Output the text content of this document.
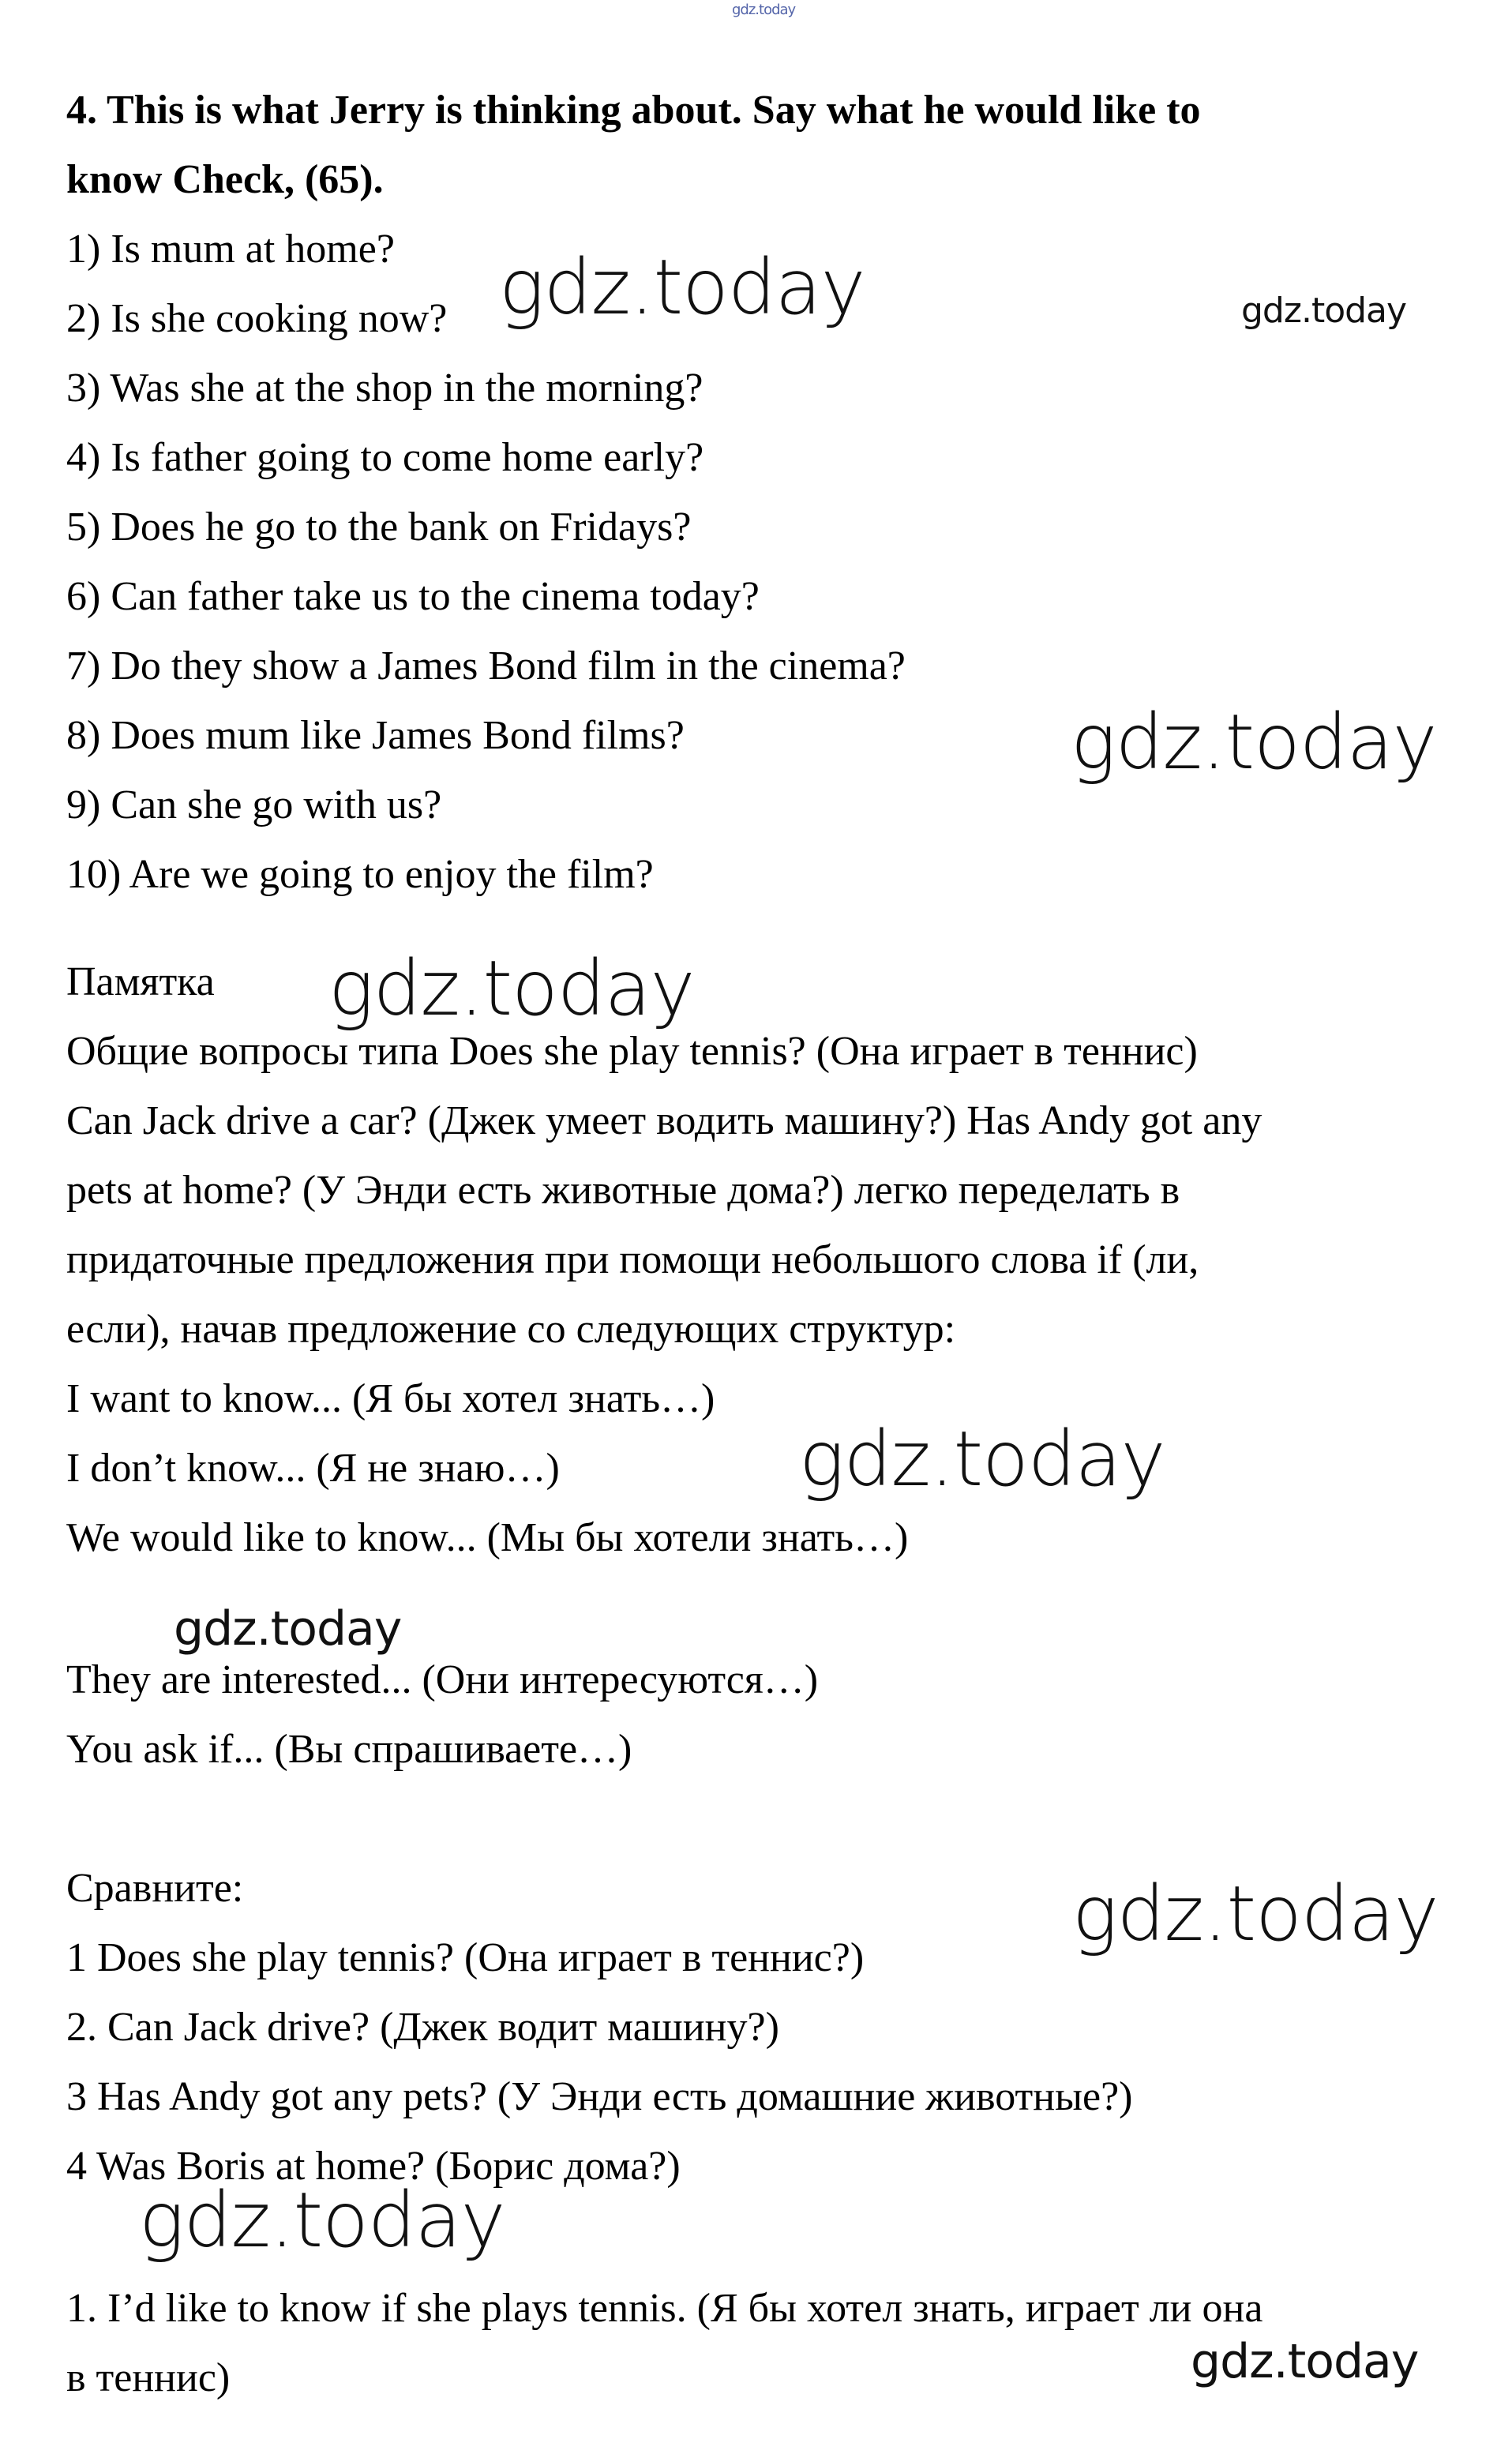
gdz.today
4. This is what Jerry is thinking about. Say what he would like to
know Check, (65).
1) Is mum at home?
2) Is she cooking now?
3) Was she at the shop in the morning?
4) Is father going to come home early?
5) Does he go to the bank on Fridays?
6) Can father take us to the cinema today?
7) Do they show a James Bond film in the cinema?
8) Does mum like James Bond films?
9) Can she go with us?
10) Are we going to enjoy the film?
Памятка
Общие вопросы типа Does she play tennis? (Она играет в теннис)
Can Jack drive a car? (Джек умеет водить машину?) Has Andy got any
pets at home? (У Энди есть животные дома?) легко переделать в
придаточные предложения при помощи небольшого слова if (ли,
если), начав предложение со следующих структур:
I want to know... (Я бы хотел знать…)
I don’t know... (Я не знаю…)
We would like to know... (Мы бы хотели знать…)
They are interested... (Они интересуются…)
You ask if... (Вы спрашиваете…)
Сравните:
1 Does she play tennis? (Она играет в теннис?)
2. Can Jack drive? (Джек водит машину?)
3 Has Andy got any pets? (У Энди есть домашние животные?)
4 Was Boris at home? (Борис дома?)
1. I’d like to know if she plays tennis. (Я бы хотел знать, играет ли она
в теннис)
gdz.today	gdz.today
gdz.today
gdz.today
gdz.today
gdz.today
gdz.today
gdz.today
gdz.today
